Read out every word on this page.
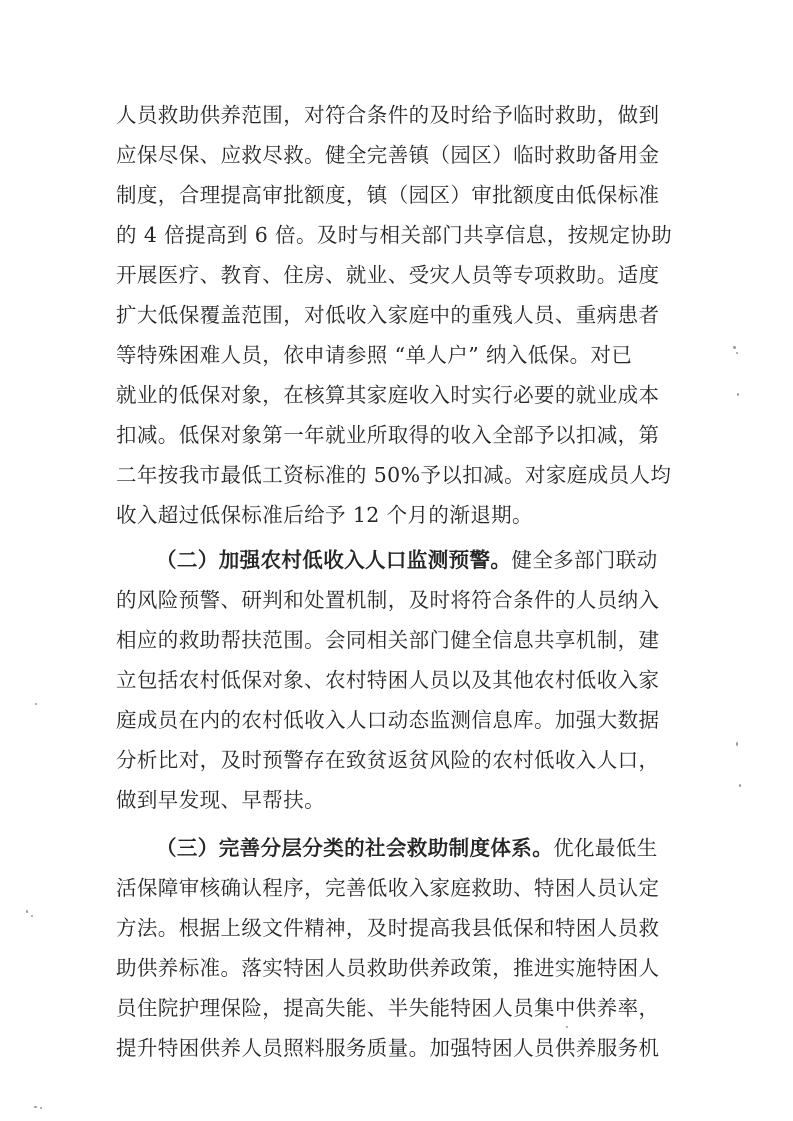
人员救助供养范围，对符合条件的及时给予临时救助，做到
应保尽保、应救尽救。健全完善镇（园区）临时救助备用金
制度，合理提高审批额度，镇（园区）审批额度由低保标准
的 4 倍提高到 6 倍。及时与相关部门共享信息，按规定协助
开展医疗、教育、住房、就业、受灾人员等专项救助。适度
扩大低保覆盖范围，对低收入家庭中的重残人员、重病患者
等特殊困难人员，依申请参照 “单人户” 纳入低保。对已
就业的低保对象，在核算其家庭收入时实行必要的就业成本
扣减。低保对象第一年就业所取得的收入全部予以扣减，第
二年按我市最低工资标准的 50%予以扣减。对家庭成员人均
收入超过低保标准后给予 12 个月的渐退期。
（二）加强农村低收入人口监测预警。健全多部门联动
的风险预警、研判和处置机制，及时将符合条件的人员纳入
相应的救助帮扶范围。会同相关部门健全信息共享机制，建
立包括农村低保对象、农村特困人员以及其他农村低收入家
庭成员在内的农村低收入人口动态监测信息库。加强大数据
分析比对，及时预警存在致贫返贫风险的农村低收入人口，
做到早发现、早帮扶。
（三）完善分层分类的社会救助制度体系。优化最低生
活保障审核确认程序，完善低收入家庭救助、特困人员认定
方法。根据上级文件精神，及时提高我县低保和特困人员救
助供养标准。落实特困人员救助供养政策，推进实施特困人
员住院护理保险，提高失能、半失能特困人员集中供养率，
提升特困供养人员照料服务质量。加强特困人员供养服务机
